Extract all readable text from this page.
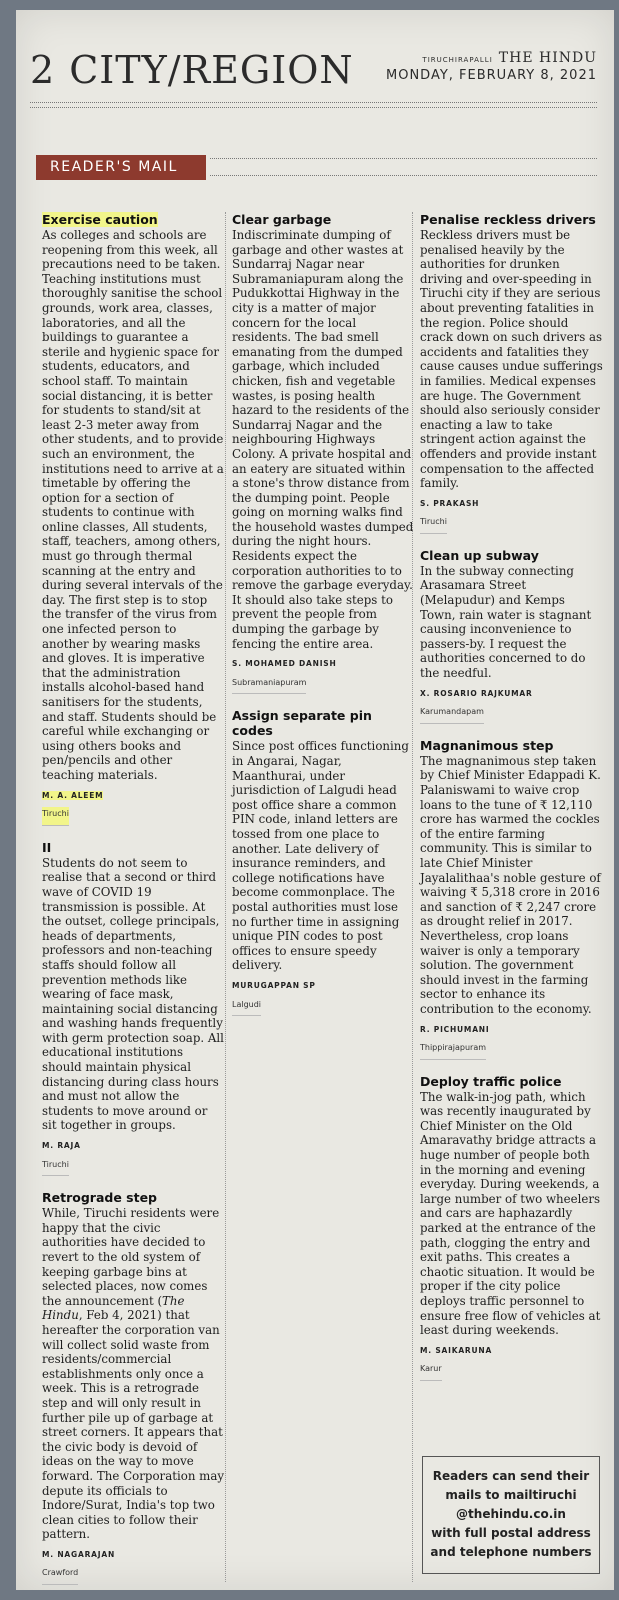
2 CITY/REGION	TIRUCHIRAPALLI THE HINDU
MONDAY, FEBRUARY 8, 2021
READER'S MAIL
Exercise caution

As colleges and schools are reopening from this week, all precautions need to be taken. Teaching institutions must thoroughly sanitise the school grounds, work area, classes, laboratories, and all the buildings to guarantee a sterile and hygienic space for students, educators, and school staff. To maintain social distancing, it is better for students to stand/sit at least 2-3 meter away from other students, and to provide such an environment, the institutions need to arrive at a timetable by offering the option for a section of students to continue with online classes, All students, staff, teachers, among others, must go through thermal scanning at the entry and during several intervals of the day. The first step is to stop the transfer of the virus from one infected person to another by wearing masks and gloves. It is imperative that the administration installs alcohol-based hand sanitisers for the students, and staff. Students should be careful while exchanging or using others books and pen/pencils and other teaching materials.

M. A. ALEEM
Tiruchi
II

Students do not seem to realise that a second or third wave of COVID 19 transmission is possible. At the outset, college principals, heads of departments, professors and non-teaching staffs should follow all prevention methods like wearing of face mask, maintaining social distancing and washing hands frequently with germ protection soap. All educational institutions should maintain physical distancing during class hours and must not allow the students to move around or sit together in groups.

M. RAJA
Tiruchi
Retrograde step

While, Tiruchi residents were happy that the civic authorities have decided to revert to the old system of keeping garbage bins at selected places, now comes the announcement (The Hindu, Feb 4, 2021) that hereafter the corporation van will collect solid waste from residents/commercial establishments only once a week. This is a retrograde step and will only result in further pile up of garbage at street corners. It appears that the civic body is devoid of ideas on the way to move forward. The Corporation may depute its officials to Indore/Surat, India's top two clean cities to follow their pattern.

M. NAGARAJAN
Crawford
Clear garbage

Indiscriminate dumping of garbage and other wastes at Sundarraj Nagar near Subramaniapuram along the Pudukkottai Highway in the city is a matter of major concern for the local residents. The bad smell emanating from the dumped garbage, which included chicken, fish and vegetable wastes, is posing health hazard to the residents of the Sundarraj Nagar and the neighbouring Highways Colony. A private hospital and an eatery are situated within a stone's throw distance from the dumping point. People going on morning walks find the household wastes dumped during the night hours. Residents expect the corporation authorities to to remove the garbage everyday. It should also take steps to prevent the people from dumping the garbage by fencing the entire area.

S. MOHAMED DANISH
Subramaniapuram
Assign separate pin codes

Since post offices functioning in Angarai, Nagar, Maanthurai, under jurisdiction of Lalgudi head post office share a common PIN code, inland letters are tossed from one place to another. Late delivery of insurance reminders, and college notifications have become commonplace. The postal authorities must lose no further time in assigning unique PIN codes to post offices to ensure speedy delivery.

MURUGAPPAN SP
Lalgudi
Penalise reckless drivers

Reckless drivers must be penalised heavily by the authorities for drunken driving and over-speeding in Tiruchi city if they are serious about preventing fatalities in the region. Police should crack down on such drivers as accidents and fatalities they cause causes undue sufferings in families. Medical expenses are huge. The Government should also seriously consider enacting a law to take stringent action against the offenders and provide instant compensation to the affected family.

S. PRAKASH
Tiruchi
Clean up subway

In the subway connecting Arasamara Street (Melapudur) and Kemps Town, rain water is stagnant causing inconvenience to passers-by. I request the authorities concerned to do the needful.

X. ROSARIO RAJKUMAR
Karumandapam
Magnanimous step

The magnanimous step taken by Chief Minister Edappadi K. Palaniswami to waive crop loans to the tune of ₹ 12,110 crore has warmed the cockles of the entire farming community. This is similar to late Chief Minister Jayalalithaa's noble gesture of waiving ₹ 5,318 crore in 2016 and sanction of ₹ 2,247 crore as drought relief in 2017. Nevertheless, crop loans waiver is only a temporary solution. The government should invest in the farming sector to enhance its contribution to the economy.

R. PICHUMANI
Thippirajapuram
Deploy traffic police

The walk-in-jog path, which was recently inaugurated by Chief Minister on the Old Amaravathy bridge attracts a huge number of people both in the morning and evening everyday. During weekends, a large number of two wheelers and cars are haphazardly parked at the entrance of the path, clogging the entry and exit paths. This creates a chaotic situation. It would be proper if the city police deploys traffic personnel to ensure free flow of vehicles at least during weekends.

M. SAIKARUNA
Karur
Readers can send their
mails to mailtiruchi
@thehindu.co.in
with full postal address
and telephone numbers
